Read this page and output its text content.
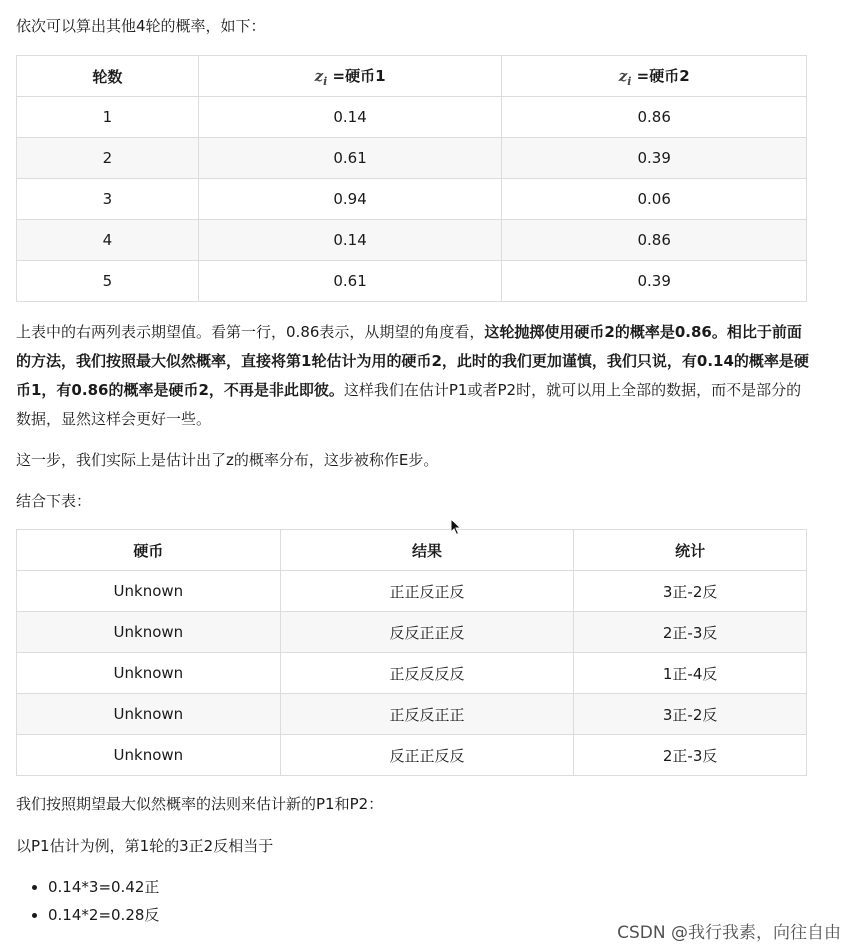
依次可以算出其他4轮的概率，如下：

轮数	$z_i$ =硬币1	$z_i$ =硬币2
1	0.14	0.86
2	0.61	0.39
3	0.94	0.06
4	0.14	0.86
5	0.61	0.39

上表中的右两列表示期望值。看第一行，0.86表示，从期望的角度看，这轮抛掷使用硬币2的概率是0.86。相比于前面的方法，我们按照最大似然概率，直接将第1轮估计为用的硬币2，此时的我们更加谨慎，我们只说，有0.14的概率是硬币1，有0.86的概率是硬币2，不再是非此即彼。这样我们在估计P1或者P2时，就可以用上全部的数据，而不是部分的数据，显然这样会更好一些。

这一步，我们实际上是估计出了z的概率分布，这步被称作E步。

结合下表：

硬币	结果	统计
Unknown	正正反正反	3正-2反
Unknown	反反正正反	2正-3反
Unknown	正反反反反	1正-4反
Unknown	正反反正正	3正-2反
Unknown	反正正反反	2正-3反

我们按照期望最大似然概率的法则来估计新的P1和P2：

以P1估计为例，第1轮的3正2反相当于

• 0.14*3=0.42正
• 0.14*2=0.28反
CSDN @我行我素，向往自由
